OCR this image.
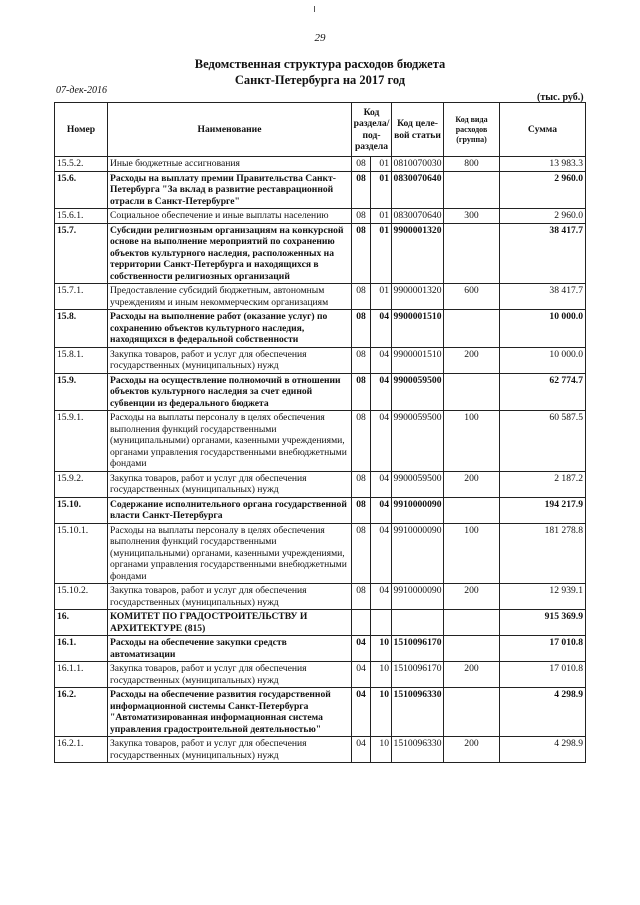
29
Ведомственная структура расходов бюджета
Санкт-Петербурга на 2017 год
07-дек-2016
(тыс. руб.)
Номер	Наименование	Код раздела/ под-раздела		Код целе-вой статьи	Код вида расходов (группа)	Сумма
15.5.2.	Иные бюджетные ассигнования	08	01	0810070030	800	13 983.3
15.6.	Расходы на выплату премии Правительства Санкт-Петербурга "За вклад в развитие реставрационной отрасли в Санкт-Петербурге"	08	01	0830070640		2 960.0
15.6.1.	Социальное обеспечение и иные выплаты населению	08	01	0830070640	300	2 960.0
15.7.	Субсидии религиозным организациям на конкурсной основе на выполнение мероприятий по сохранению объектов культурного наследия, расположенных на территории Санкт-Петербурга и находящихся в собственности религиозных организаций	08	01	9900001320		38 417.7
15.7.1.	Предоставление субсидий бюджетным, автономным учреждениям и иным некоммерческим организациям	08	01	9900001320	600	38 417.7
15.8.	Расходы на выполнение работ (оказание услуг) по сохранению объектов культурного наследия, находящихся в федеральной собственности	08	04	9900001510		10 000.0
15.8.1.	Закупка товаров, работ и услуг для обеспечения государственных (муниципальных) нужд	08	04	9900001510	200	10 000.0
15.9.	Расходы на осуществление полномочий в отношении объектов культурного наследия за счет единой субвенции из федерального бюджета	08	04	9900059500		62 774.7
15.9.1.	Расходы на выплаты персоналу в целях обеспечения выполнения функций государственными (муниципальными) органами, казенными учреждениями, органами управления государственными внебюджетными фондами	08	04	9900059500	100	60 587.5
15.9.2.	Закупка товаров, работ и услуг для обеспечения государственных (муниципальных) нужд	08	04	9900059500	200	2 187.2
15.10.	Содержание исполнительного органа государственной власти Санкт-Петербурга	08	04	9910000090		194 217.9
15.10.1.	Расходы на выплаты персоналу в целях обеспечения выполнения функций государственными (муниципальными) органами, казенными учреждениями, органами управления государственными внебюджетными фондами	08	04	9910000090	100	181 278.8
15.10.2.	Закупка товаров, работ и услуг для обеспечения государственных (муниципальных) нужд	08	04	9910000090	200	12 939.1
16.	КОМИТЕТ ПО ГРАДОСТРОИТЕЛЬСТВУ И АРХИТЕКТУРЕ (815)					915 369.9
16.1.	Расходы на обеспечение закупки средств автоматизации	04	10	1510096170		17 010.8
16.1.1.	Закупка товаров, работ и услуг для обеспечения государственных (муниципальных) нужд	04	10	1510096170	200	17 010.8
16.2.	Расходы на обеспечение развития государственной информационной системы Санкт-Петербурга "Автоматизированная информационная система управления градостроительной деятельностью"	04	10	1510096330		4 298.9
16.2.1.	Закупка товаров, работ и услуг для обеспечения государственных (муниципальных) нужд	04	10	1510096330	200	4 298.9
